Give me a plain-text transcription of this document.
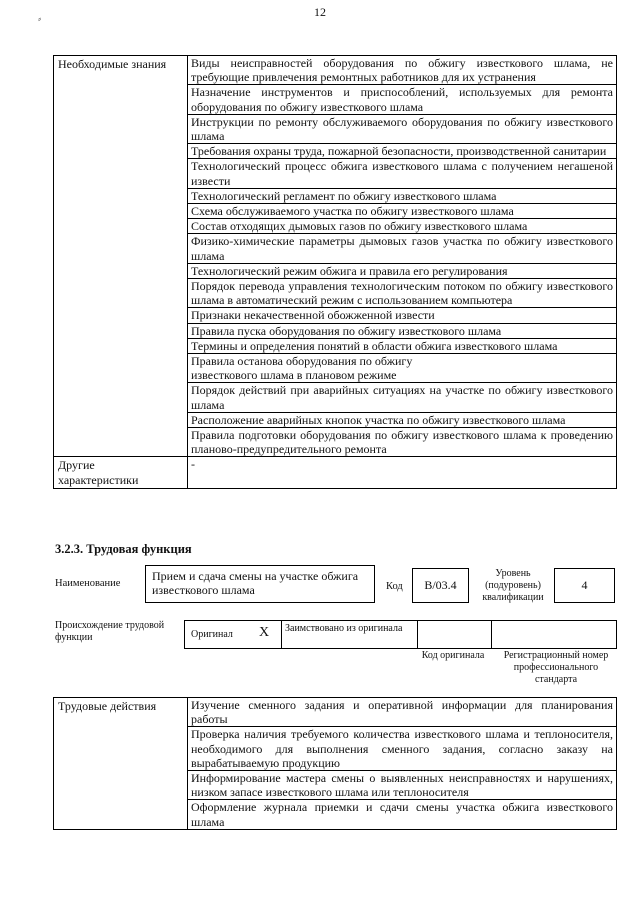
⸗
12
Необходимые знания	Виды неисправностей оборудования по обжигу известкового шлама, не требующие привлечения ремонтных работников для их устранения
	Назначение инструментов и приспособлений, используемых для ремонта оборудования по обжигу известкового шлама
	Инструкции по ремонту обслуживаемого оборудования по обжигу известкового шлама
	Требования охраны труда, пожарной безопасности, производственной санитарии
	Технологический процесс обжига известкового шлама с получением негашеной извести
	Технологический регламент по обжигу известкового шлама
	Схема обслуживаемого участка по обжигу известкового шлама
	Состав отходящих дымовых газов по обжигу известкового шлама
	Физико-химические параметры дымовых газов участка по обжигу известкового шлама
	Технологический режим обжига и правила его регулирования
	Порядок перевода управления технологическим потоком по обжигу известкового шлама в автоматический режим с использованием компьютера
	Признаки некачественной обожженной извести
	Правила пуска оборудования по обжигу известкового шлама
	Термины и определения понятий в области обжига известкового шлама
	Правила останова оборудования по обжигу известкового шлама в плановом режиме
	Порядок действий при аварийных ситуациях на участке по обжигу известкового шлама
	Расположение аварийных кнопок участка по обжигу известкового шлама
	Правила подготовки оборудования по обжигу известкового шлама к проведению планово-предупредительного ремонта
Другие характеристики	-
3.2.3. Трудовая функция
Наименование
Прием и сдача смены на участке обжига известкового шлама	Код	B/03.4
Уровень (подуровень) квалификации
4
Происхождение трудовой функции	Оригинал X Заимствовано из оригинала
Код оригинала	Регистрационный номер профессионального стандарта
Трудовые действия	Изучение сменного задания и оперативной информации для планирования работы
Проверка наличия требуемого количества известкового шлама и теплоносителя, необходимого для выполнения сменного задания, согласно заказу на вырабатываемую продукцию
Информирование мастера смены о выявленных неисправностях и нарушениях, низком запасе известкового шлама или теплоносителя
Оформление журнала приемки и сдачи смены участка обжига известкового шлама
